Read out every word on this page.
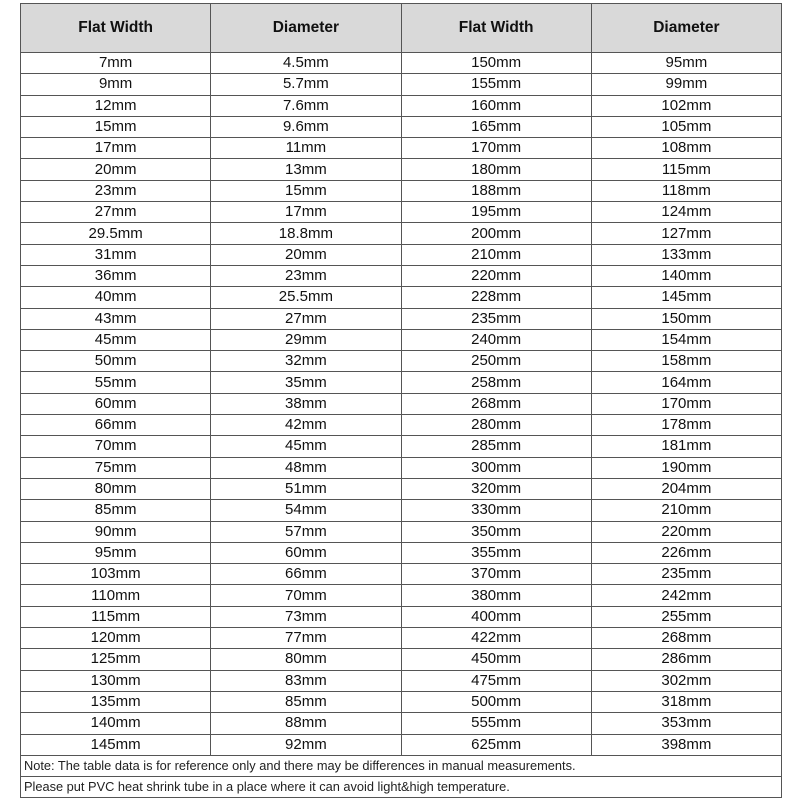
Flat Width	Diameter	Flat Width	Diameter
7mm	4.5mm	150mm	95mm
9mm	5.7mm	155mm	99mm
12mm	7.6mm	160mm	102mm
15mm	9.6mm	165mm	105mm
17mm	11mm	170mm	108mm
20mm	13mm	180mm	115mm
23mm	15mm	188mm	118mm
27mm	17mm	195mm	124mm
29.5mm	18.8mm	200mm	127mm
31mm	20mm	210mm	133mm
36mm	23mm	220mm	140mm
40mm	25.5mm	228mm	145mm
43mm	27mm	235mm	150mm
45mm	29mm	240mm	154mm
50mm	32mm	250mm	158mm
55mm	35mm	258mm	164mm
60mm	38mm	268mm	170mm
66mm	42mm	280mm	178mm
70mm	45mm	285mm	181mm
75mm	48mm	300mm	190mm
80mm	51mm	320mm	204mm
85mm	54mm	330mm	210mm
90mm	57mm	350mm	220mm
95mm	60mm	355mm	226mm
103mm	66mm	370mm	235mm
110mm	70mm	380mm	242mm
115mm	73mm	400mm	255mm
120mm	77mm	422mm	268mm
125mm	80mm	450mm	286mm
130mm	83mm	475mm	302mm
135mm	85mm	500mm	318mm
140mm	88mm	555mm	353mm
145mm	92mm	625mm	398mm
Note: The table data is for reference only and there may be differences in manual measurements.			
Please put PVC heat shrink tube in a place where it can avoid light&high temperature.			
